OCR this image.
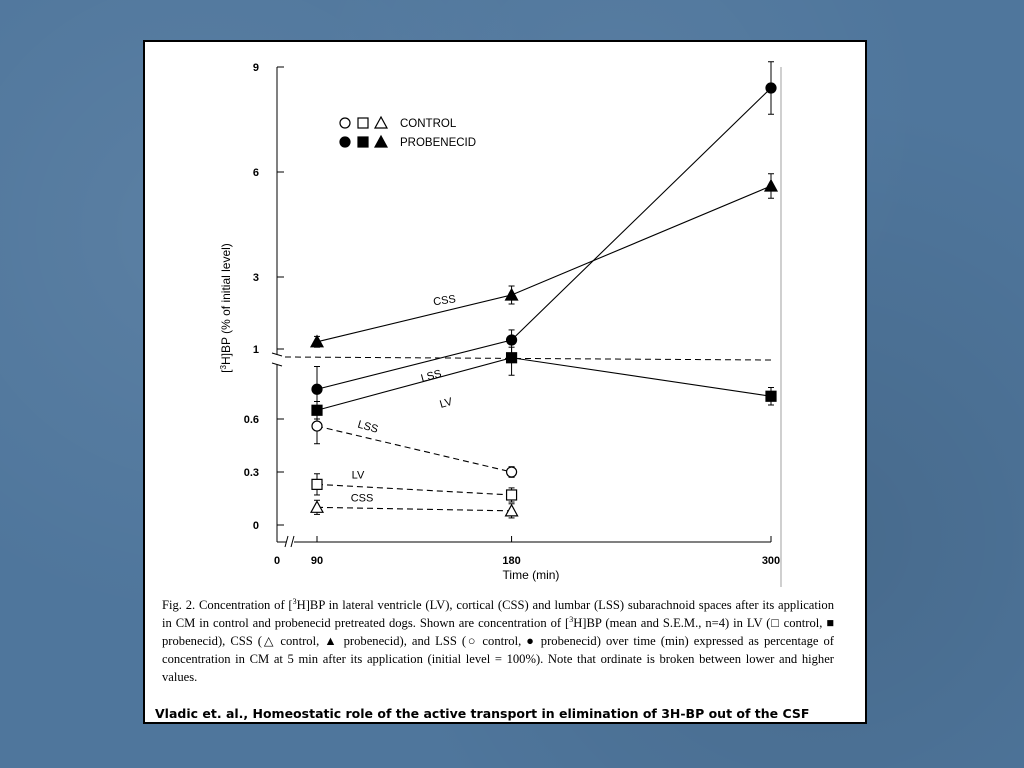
0
0.3
0.6
1
3
6
9
0	90	180	300
CSS
LSS
LV
LSS
LV
CSS
CONTROL
PROBENECID
Time (min)
[$^3$H]BP (% of initial level)
Fig. 2. Concentration of [$^3$H]BP in lateral ventricle (LV), cortical (CSS) and lumbar (LSS) subarachnoid spaces after its application in CM in control and probenecid pretreated dogs. Shown are concentration of [$^3$H]BP (mean and S.E.M., n=4) in LV (□ control, ■ probenecid), CSS (△ control, ▲ probenecid), and LSS (○ control, ● probenecid) over time (min) expressed as percentage of concentration in CM at 5 min after its application (initial level = 100%). Note that ordinate is broken between lower and higher values.
Vladic et. al., Homeostatic role of the active transport in elimination of 3H-BP out of the CSF
